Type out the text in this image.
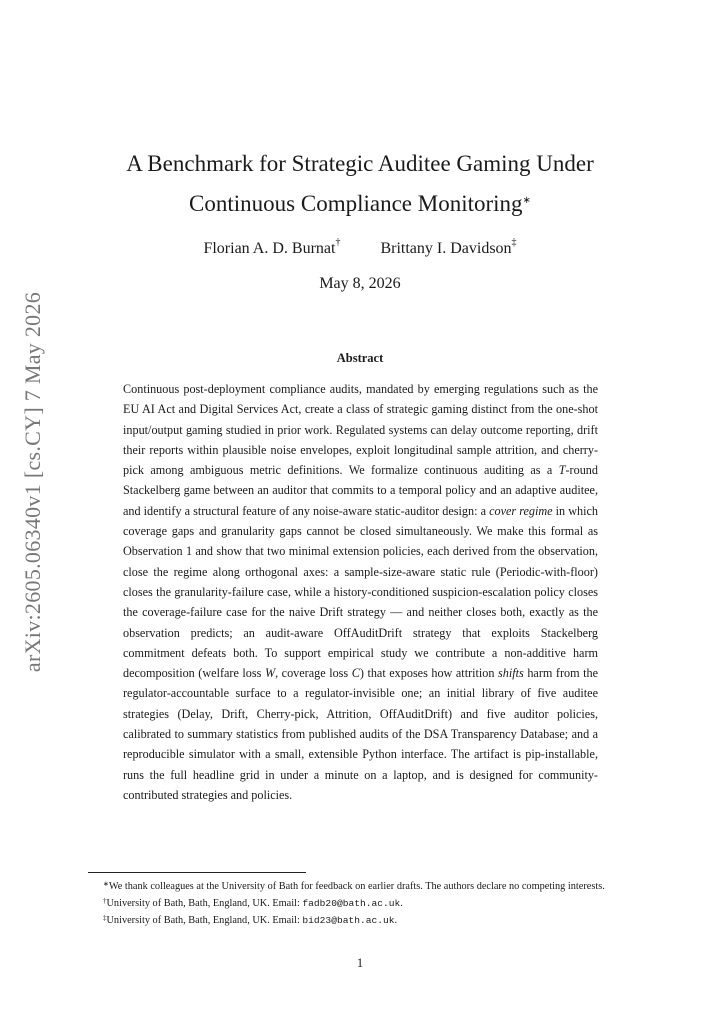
arXiv:2605.06340v1 [cs.CY] 7 May 2026
A Benchmark for Strategic Auditee Gaming Under
Continuous Compliance Monitoring∗
Florian A. D. Burnat†	Brittany I. Davidson‡
May 8, 2026
Abstract
Continuous post-deployment compliance audits, mandated by emerging regulations such as the EU AI Act and Digital Services Act, create a class of strategic gaming distinct from the one-shot input/output gaming studied in prior work. Regulated systems can delay outcome reporting, drift their reports within plausible noise envelopes, exploit longitudinal sample attrition, and cherry-pick among ambiguous metric definitions. We formalize continuous auditing as a T-round Stackelberg game between an auditor that commits to a temporal policy and an adaptive auditee, and identify a structural feature of any noise-aware static-auditor design: a cover regime in which coverage gaps and granularity gaps cannot be closed simultaneously. We make this formal as Observation 1 and show that two minimal extension policies, each derived from the observation, close the regime along orthogonal axes: a sample-size-aware static rule (Periodic-with-floor) closes the granularity-failure case, while a history-conditioned suspicion-escalation policy closes the coverage-failure case for the naive Drift strategy — and neither closes both, exactly as the observation predicts; an audit-aware OffAuditDrift strategy that exploits Stackelberg commitment defeats both. To support empirical study we contribute a non-additive harm decomposition (welfare loss W, coverage loss C) that exposes how attrition shifts harm from the regulator-accountable surface to a regulator-invisible one; an initial library of five auditee strategies (Delay, Drift, Cherry-pick, Attrition, OffAuditDrift) and five auditor policies, calibrated to summary statistics from published audits of the DSA Transparency Database; and a reproducible simulator with a small, extensible Python interface. The artifact is pip-installable, runs the full headline grid in under a minute on a laptop, and is designed for community-contributed strategies and policies.

∗We thank colleagues at the University of Bath for feedback on earlier drafts. The authors declare no competing interests.

†University of Bath, Bath, England, UK. Email: fadb20@bath.ac.uk.

‡University of Bath, Bath, England, UK. Email: bid23@bath.ac.uk.

1
